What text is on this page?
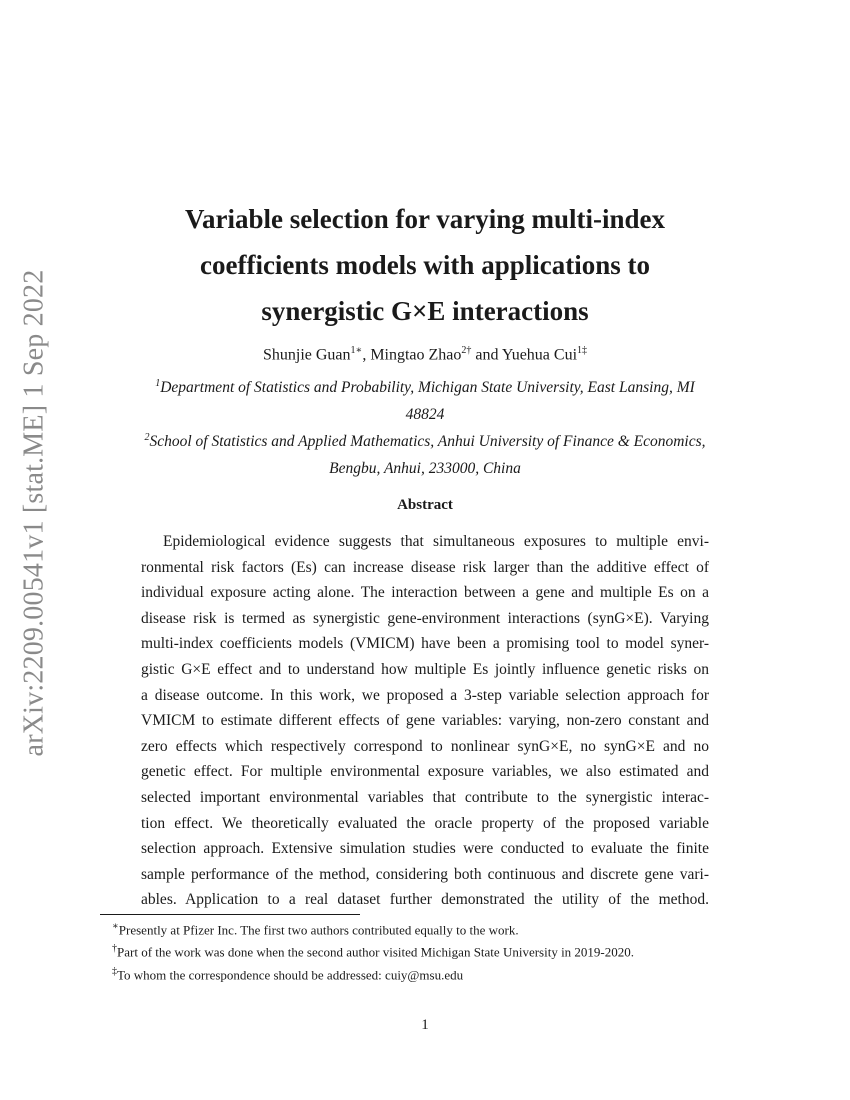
arXiv:2209.00541v1 [stat.ME] 1 Sep 2022
Variable selection for varying multi-index
coefficients models with applications to
synergistic G×E interactions
Shunjie Guan$^{1∗}$, Mingtao Zhao$^{2\dagger}$ and Yuehua Cui$^{1\ddagger}$
$^1$Department of Statistics and Probability, Michigan State University, East Lansing, MI
48824
$^2$School of Statistics and Applied Mathematics, Anhui University of Finance & Economics,
Bengbu, Anhui, 233000, China
Abstract
Epidemiological evidence suggests that simultaneous exposures to multiple envi-
ronmental risk factors (Es) can increase disease risk larger than the additive effect of
individual exposure acting alone. The interaction between a gene and multiple Es on a
disease risk is termed as synergistic gene-environment interactions (synG×E). Varying
multi-index coefficients models (VMICM) have been a promising tool to model syner-
gistic G×E effect and to understand how multiple Es jointly influence genetic risks on
a disease outcome. In this work, we proposed a 3-step variable selection approach for
VMICM to estimate different effects of gene variables: varying, non-zero constant and
zero effects which respectively correspond to nonlinear synG×E, no synG×E and no
genetic effect. For multiple environmental exposure variables, we also estimated and
selected important environmental variables that contribute to the synergistic interac-
tion effect. We theoretically evaluated the oracle property of the proposed variable
selection approach. Extensive simulation studies were conducted to evaluate the finite
sample performance of the method, considering both continuous and discrete gene vari-
ables. Application to a real dataset further demonstrated the utility of the method.
∗Presently at Pfizer Inc. The first two authors contributed equally to the work.
†Part of the work was done when the second author visited Michigan State University in 2019-2020.
‡To whom the correspondence should be addressed: cuiy@msu.edu
1
